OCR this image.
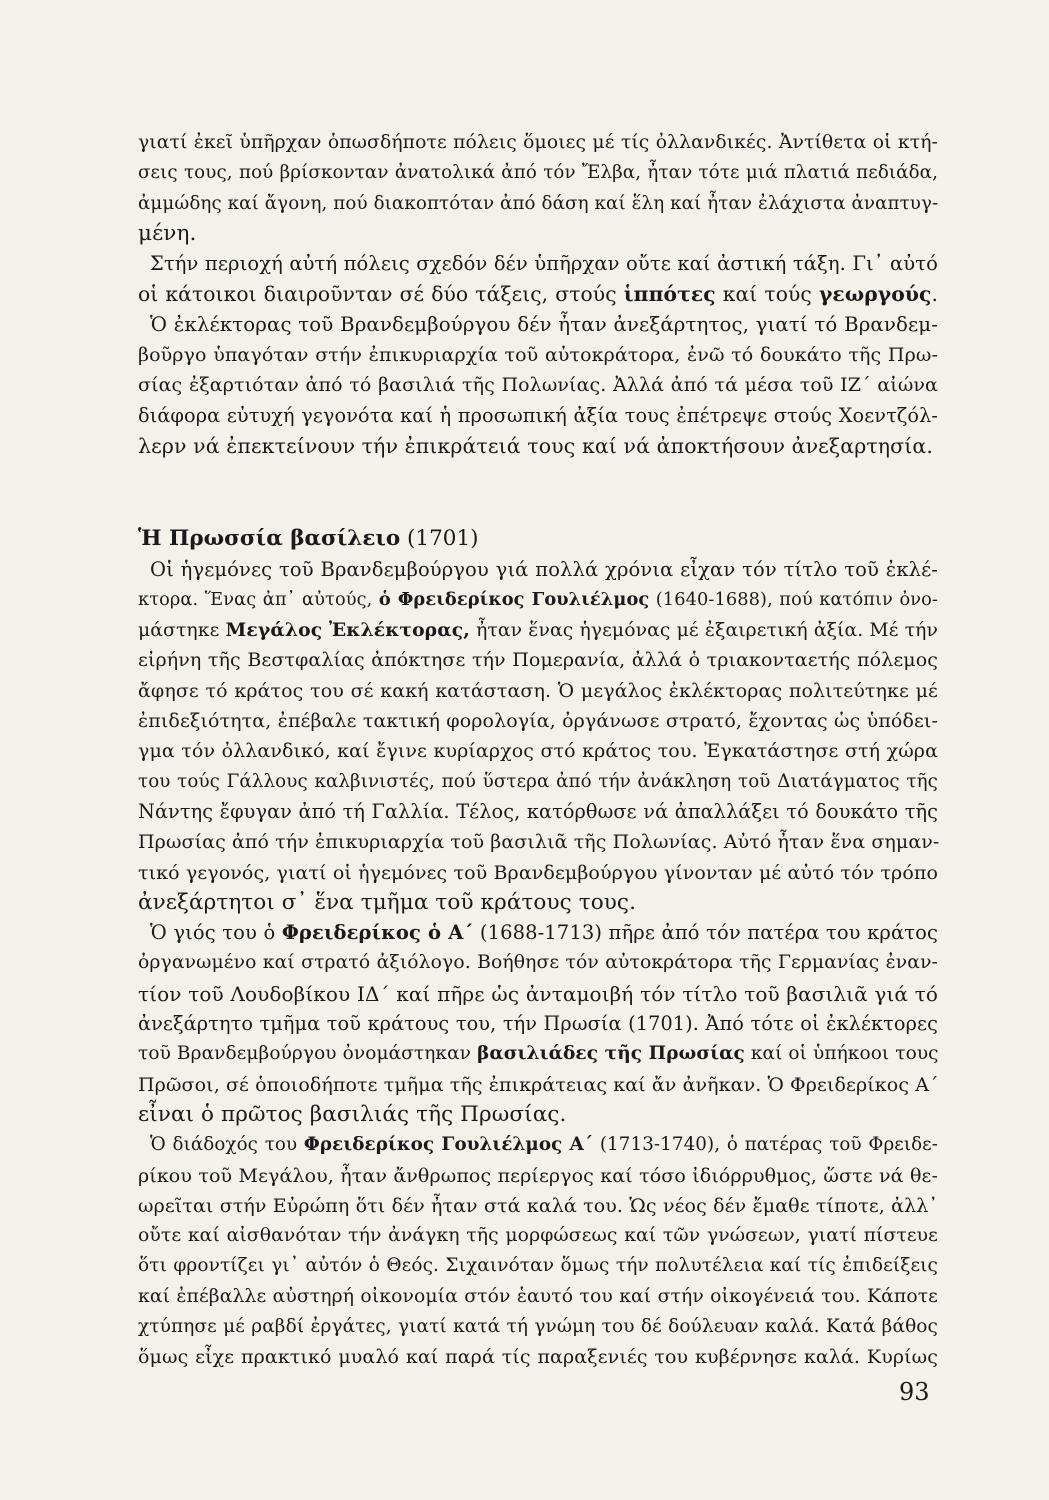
γιατί ἐκεῖ ὑπῆρχαν ὁπωσδήποτε πόλεις ὅμοιες μέ τίς ὀλλανδικές. Ἀντίθετα οἱ κτή-
σεις τους, πού βρίσκονταν ἀνατολικά ἀπό τόν Ἔλβα, ἦταν τότε μιά πλατιά πεδιάδα,
ἀμμώδης καί ἄγονη, πού διακοπτόταν ἀπό δάση καί ἕλη καί ἦταν ἐλάχιστα ἀναπτυγ-
μένη.
Στήν περιοχή αὐτή πόλεις σχεδόν δέν ὑπῆρχαν οὔτε καί ἀστική τάξη. Γι᾽ αὐτό
οἱ κάτοικοι διαιροῦνταν σέ δύο τάξεις, στούς ἱππότες καί τούς γεωργούς.
Ὁ ἐκλέκτορας τοῦ Βρανδεμβούργου δέν ἦταν ἀνεξάρτητος, γιατί τό Βρανδεμ-
βοῦργο ὑπαγόταν στήν ἐπικυριαρχία τοῦ αὐτοκράτορα, ἐνῶ τό δουκάτο τῆς Πρω-
σίας ἐξαρτιόταν ἀπό τό βασιλιά τῆς Πολωνίας. Ἀλλά ἀπό τά μέσα τοῦ ΙΖ΄ αἰώνα
διάφορα εὐτυχή γεγονότα καί ἡ προσωπική ἀξία τους ἐπέτρεψε στούς Χοεντζόλ-
λερν νά ἐπεκτείνουν τήν ἐπικράτειά τους καί νά ἀποκτήσουν ἀνεξαρτησία.
Ἡ Πρωσσία βασίλειο (1701)
Οἱ ἡγεμόνες τοῦ Βρανδεμβούργου γιά πολλά χρόνια εἶχαν τόν τίτλο τοῦ ἐκλέ-
κτορα. Ἕνας ἀπ᾽ αὐτούς, ὁ Φρειδερίκος Γουλιέλμος (1640-1688), πού κατόπιν ὀνο-
μάστηκε Μεγάλος Ἐκλέκτορας, ἦταν ἕνας ἡγεμόνας μέ ἐξαιρετική ἀξία. Μέ τήν
εἰρήνη τῆς Βεστφαλίας ἀπόκτησε τήν Πομερανία, ἀλλά ὁ τριακονταετής πόλεμος
ἄφησε τό κράτος του σέ κακή κατάσταση. Ὁ μεγάλος ἐκλέκτορας πολιτεύτηκε μέ
ἐπιδεξιότητα, ἐπέβαλε τακτική φορολογία, ὀργάνωσε στρατό, ἔχοντας ὡς ὑπόδει-
γμα τόν ὀλλανδικό, καί ἔγινε κυρίαρχος στό κράτος του. Ἐγκατάστησε στή χώρα
του τούς Γάλλους καλβινιστές, πού ὕστερα ἀπό τήν ἀνάκληση τοῦ Διατάγματος τῆς
Νάντης ἔφυγαν ἀπό τή Γαλλία. Τέλος, κατόρθωσε νά ἀπαλλάξει τό δουκάτο τῆς
Πρωσίας ἀπό τήν ἐπικυριαρχία τοῦ βασιλιᾶ τῆς Πολωνίας. Αὐτό ἦταν ἕνα σημαν-
τικό γεγονός, γιατί οἱ ἡγεμόνες τοῦ Βρανδεμβούργου γίνονταν μέ αὐτό τόν τρόπο
ἀνεξάρτητοι σ᾽ ἕνα τμῆμα τοῦ κράτους τους.
Ὁ γιός του ὁ Φρειδερίκος ὁ Α΄ (1688-1713) πῆρε ἀπό τόν πατέρα του κράτος
ὀργανωμένο καί στρατό ἀξιόλογο. Βοήθησε τόν αὐτοκράτορα τῆς Γερμανίας ἐναν-
τίον τοῦ Λουδοβίκου ΙΔ΄ καί πῆρε ὡς ἀνταμοιβή τόν τίτλο τοῦ βασιλιᾶ γιά τό
ἀνεξάρτητο τμῆμα τοῦ κράτους του, τήν Πρωσία (1701). Ἀπό τότε οἱ ἐκλέκτορες
τοῦ Βρανδεμβούργου ὀνομάστηκαν βασιλιάδες τῆς Πρωσίας καί οἱ ὑπήκοοι τους
Πρῶσοι, σέ ὁποιοδήποτε τμῆμα τῆς ἐπικράτειας καί ἄν ἀνῆκαν. Ὁ Φρειδερίκος Α΄
εἶναι ὁ πρῶτος βασιλιάς τῆς Πρωσίας.
Ὁ διάδοχός του Φρειδερίκος Γουλιέλμος Α΄ (1713-1740), ὁ πατέρας τοῦ Φρειδε-
ρίκου τοῦ Μεγάλου, ἦταν ἄνθρωπος περίεργος καί τόσο ἰδιόρρυθμος, ὥστε νά θε-
ωρεῖται στήν Εὐρώπη ὅτι δέν ἦταν στά καλά του. Ὡς νέος δέν ἔμαθε τίποτε, ἀλλ᾽
οὔτε καί αἰσθανόταν τήν ἀνάγκη τῆς μορφώσεως καί τῶν γνώσεων, γιατί πίστευε
ὅτι φροντίζει γι᾽ αὐτόν ὁ Θεός. Σιχαινόταν ὅμως τήν πολυτέλεια καί τίς ἐπιδείξεις
καί ἐπέβαλλε αὐστηρή οἰκονομία στόν ἑαυτό του καί στήν οἰκογένειά του. Κάποτε
χτύπησε μέ ραβδί ἐργάτες, γιατί κατά τή γνώμη του δέ δούλευαν καλά. Κατά βάθος
ὅμως εἶχε πρακτικό μυαλό καί παρά τίς παραξενιές του κυβέρνησε καλά. Κυρίως
93
